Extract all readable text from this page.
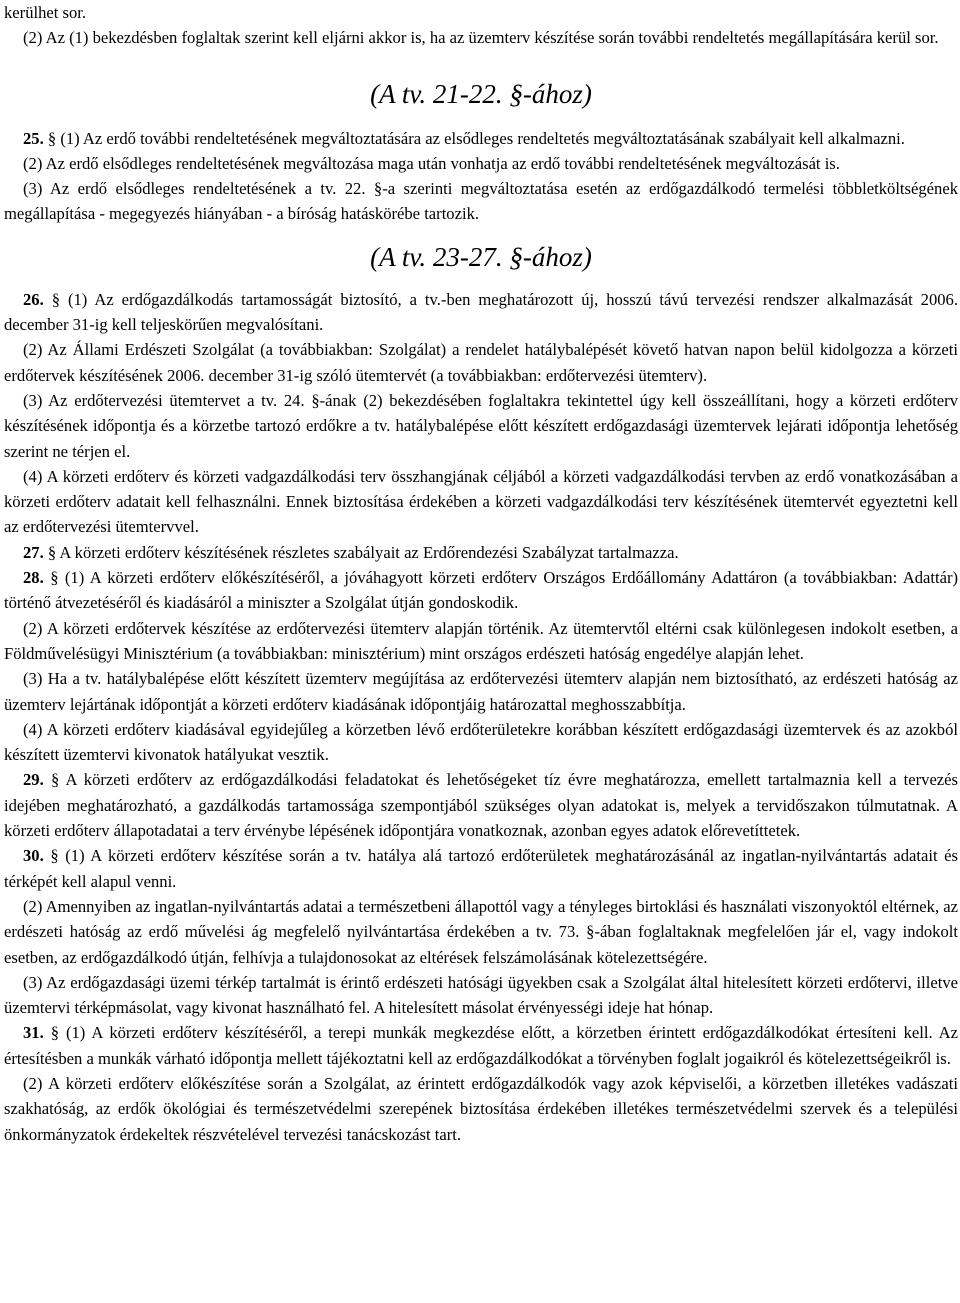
kerülhet sor.

(2) Az (1) bekezdésben foglaltak szerint kell eljárni akkor is, ha az üzemterv készítése során további rendeltetés megállapítására kerül sor.

(A tv. 21-22. §-ához)

25. § (1) Az erdő további rendeltetésének megváltoztatására az elsődleges rendeltetés megváltoztatásának szabályait kell alkalmazni.

(2) Az erdő elsődleges rendeltetésének megváltozása maga után vonhatja az erdő további rendeltetésének megváltozását is.

(3) Az erdő elsődleges rendeltetésének a tv. 22. §-a szerinti megváltoztatása esetén az erdőgazdálkodó termelési többletköltségének megállapítása - megegyezés hiányában - a bíróság hatáskörébe tartozik.

(A tv. 23-27. §-ához)

26. § (1) Az erdőgazdálkodás tartamosságát biztosító, a tv.-ben meghatározott új, hosszú távú tervezési rendszer alkalmazását 2006. december 31-ig kell teljeskörűen megvalósítani.

(2) Az Állami Erdészeti Szolgálat (a továbbiakban: Szolgálat) a rendelet hatálybalépését követő hatvan napon belül kidolgozza a körzeti erdőtervek készítésének 2006. december 31-ig szóló ütemtervét (a továbbiakban: erdőtervezési ütemterv).

(3) Az erdőtervezési ütemtervet a tv. 24. §-ának (2) bekezdésében foglaltakra tekintettel úgy kell összeállítani, hogy a körzeti erdőterv készítésének időpontja és a körzetbe tartozó erdőkre a tv. hatálybalépése előtt készített erdőgazdasági üzemtervek lejárati időpontja lehetőség szerint ne térjen el.

(4) A körzeti erdőterv és körzeti vadgazdálkodási terv összhangjának céljából a körzeti vadgazdálkodási tervben az erdő vonatkozásában a körzeti erdőterv adatait kell felhasználni. Ennek biztosítása érdekében a körzeti vadgazdálkodási terv készítésének ütemtervét egyeztetni kell az erdőtervezési ütemtervvel.

27. § A körzeti erdőterv készítésének részletes szabályait az Erdőrendezési Szabályzat tartalmazza.

28. § (1) A körzeti erdőterv előkészítéséről, a jóváhagyott körzeti erdőterv Országos Erdőállomány Adattáron (a továbbiakban: Adattár) történő átvezetéséről és kiadásáról a miniszter a Szolgálat útján gondoskodik.

(2) A körzeti erdőtervek készítése az erdőtervezési ütemterv alapján történik. Az ütemtervtől eltérni csak különlegesen indokolt esetben, a Földművelésügyi Minisztérium (a továbbiakban: minisztérium) mint országos erdészeti hatóság engedélye alapján lehet.

(3) Ha a tv. hatálybalépése előtt készített üzemterv megújítása az erdőtervezési ütemterv alapján nem biztosítható, az erdészeti hatóság az üzemterv lejártának időpontját a körzeti erdőterv kiadásának időpontjáig határozattal meghosszabbítja.

(4) A körzeti erdőterv kiadásával egyidejűleg a körzetben lévő erdőterületekre korábban készített erdőgazdasági üzemtervek és az azokból készített üzemtervi kivonatok hatályukat vesztik.

29. § A körzeti erdőterv az erdőgazdálkodási feladatokat és lehetőségeket tíz évre meghatározza, emellett tartalmaznia kell a tervezés idejében meghatározható, a gazdálkodás tartamossága szempontjából szükséges olyan adatokat is, melyek a tervidőszakon túlmutatnak. A körzeti erdőterv állapotadatai a terv érvénybe lépésének időpontjára vonatkoznak, azonban egyes adatok előrevetíttetek.

30. § (1) A körzeti erdőterv készítése során a tv. hatálya alá tartozó erdőterületek meghatározásánál az ingatlan-nyilvántartás adatait és térképét kell alapul venni.

(2) Amennyiben az ingatlan-nyilvántartás adatai a természetbeni állapottól vagy a tényleges birtoklási és használati viszonyoktól eltérnek, az erdészeti hatóság az erdő művelési ág megfelelő nyilvántartása érdekében a tv. 73. §-ában foglaltaknak megfelelően jár el, vagy indokolt esetben, az erdőgazdálkodó útján, felhívja a tulajdonosokat az eltérések felszámolásának kötelezettségére.

(3) Az erdőgazdasági üzemi térkép tartalmát is érintő erdészeti hatósági ügyekben csak a Szolgálat által hitelesített körzeti erdőtervi, illetve üzemtervi térképmásolat, vagy kivonat használható fel. A hitelesített másolat érvényességi ideje hat hónap.

31. § (1) A körzeti erdőterv készítéséről, a terepi munkák megkezdése előtt, a körzetben érintett erdőgazdálkodókat értesíteni kell. Az értesítésben a munkák várható időpontja mellett tájékoztatni kell az erdőgazdálkodókat a törvényben foglalt jogaikról és kötelezettségeikről is.

(2) A körzeti erdőterv előkészítése során a Szolgálat, az érintett erdőgazdálkodók vagy azok képviselői, a körzetben illetékes vadászati szakhatóság, az erdők ökológiai és természetvédelmi szerepének biztosítása érdekében illetékes természetvédelmi szervek és a települési önkormányzatok érdekeltek részvételével tervezési tanácskozást tart.
